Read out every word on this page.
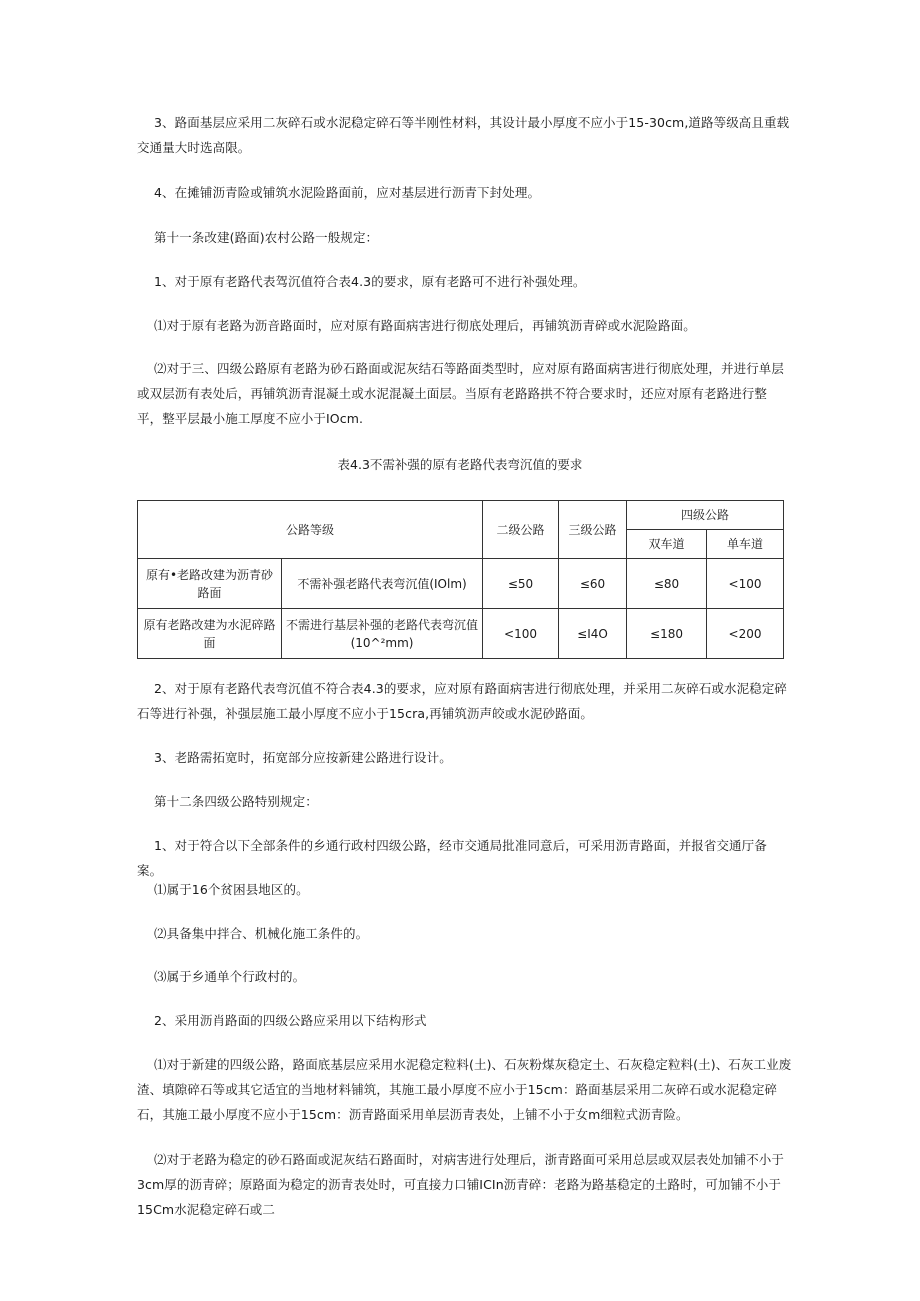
3、路面基层应采用二灰碎石或水泥稳定碎石等半刚性材料，其设计最小厚度不应小于15-30cm,道路等级高且重载交通量大时选高限。

4、在摊铺沥青险或铺筑水泥险路面前，应对基层进行沥青下封处理。

第十一条改建(路面)农村公路一般规定：

1、对于原有老路代表驾沉值符合表4.3的要求，原有老路可不进行补强处理。

⑴对于原有老路为沥音路面时，应对原有路面病害进行彻底处理后，再铺筑沥青碎或水泥险路面。

⑵对于三、四级公路原有老路为砂石路面或泥灰结石等路面类型时，应对原有路面病害进行彻底处理，并进行单层或双层沥有表处后，再铺筑沥青混凝土或水泥混凝土面层。当原有老路路拱不符合要求时，还应对原有老路进行整平，整平层最小施工厚度不应小于IOcm.

表4.3不需补强的原有老路代表弯沉值的要求

公路等级		二级公路	三级公路	四级公路	
				双车道	单车道
原有•老路改建为沥青砂路面	不需补强老路代表弯沉值(IOlm)	≤50	≤60	≤80	<100
原有老路改建为水泥碎路面	不需进行基层补强的老路代表弯沉值(10^²mm)	<100	≤I4O	≤180	<200

2、对于原有老路代表弯沉值不符合表4.3的要求，应对原有路面病害进行彻底处理，并采用二灰碎石或水泥稳定碎石等进行补强，补强层施工最小厚度不应小于15cra,再铺筑沥声皎或水泥砂路面。

3、老路需拓宽时，拓宽部分应按新建公路进行设计。

第十二条四级公路特别规定：

1、对于符合以下全部条件的乡通行政村四级公路，经市交通局批准同意后，可采用沥青路面，并报省交通厅备案。

⑴属于16个贫困县地区的。

⑵具备集中拌合、机械化施工条件的。

⑶属于乡通单个行政村的。

2、采用沥肖路面的四级公路应采用以下结构形式

⑴对于新建的四级公路，路面底基层应采用水泥稳定粒料(土)、石灰粉煤灰稳定土、石灰稳定粒料(土)、石灰工业废渣、填隙碎石等或其它适宜的当地材料铺筑，其施工最小厚度不应小于15cm：路面基层采用二灰碎石或水泥稳定碎石，其施工最小厚度不应小于15cm：沥青路面采用单层沥青表处，上铺不小于女m细粒式沥青险。

⑵对于老路为稳定的砂石路面或泥灰结石路面时，对病害进行处理后，浙青路面可采用总层或双层表处加铺不小于3cm厚的沥青碎；原路面为稳定的沥青表处时，可直接力口铺ICIn沥青碎：老路为路基稳定的土路时，可加铺不小于15Cm水泥稳定碎石或二
